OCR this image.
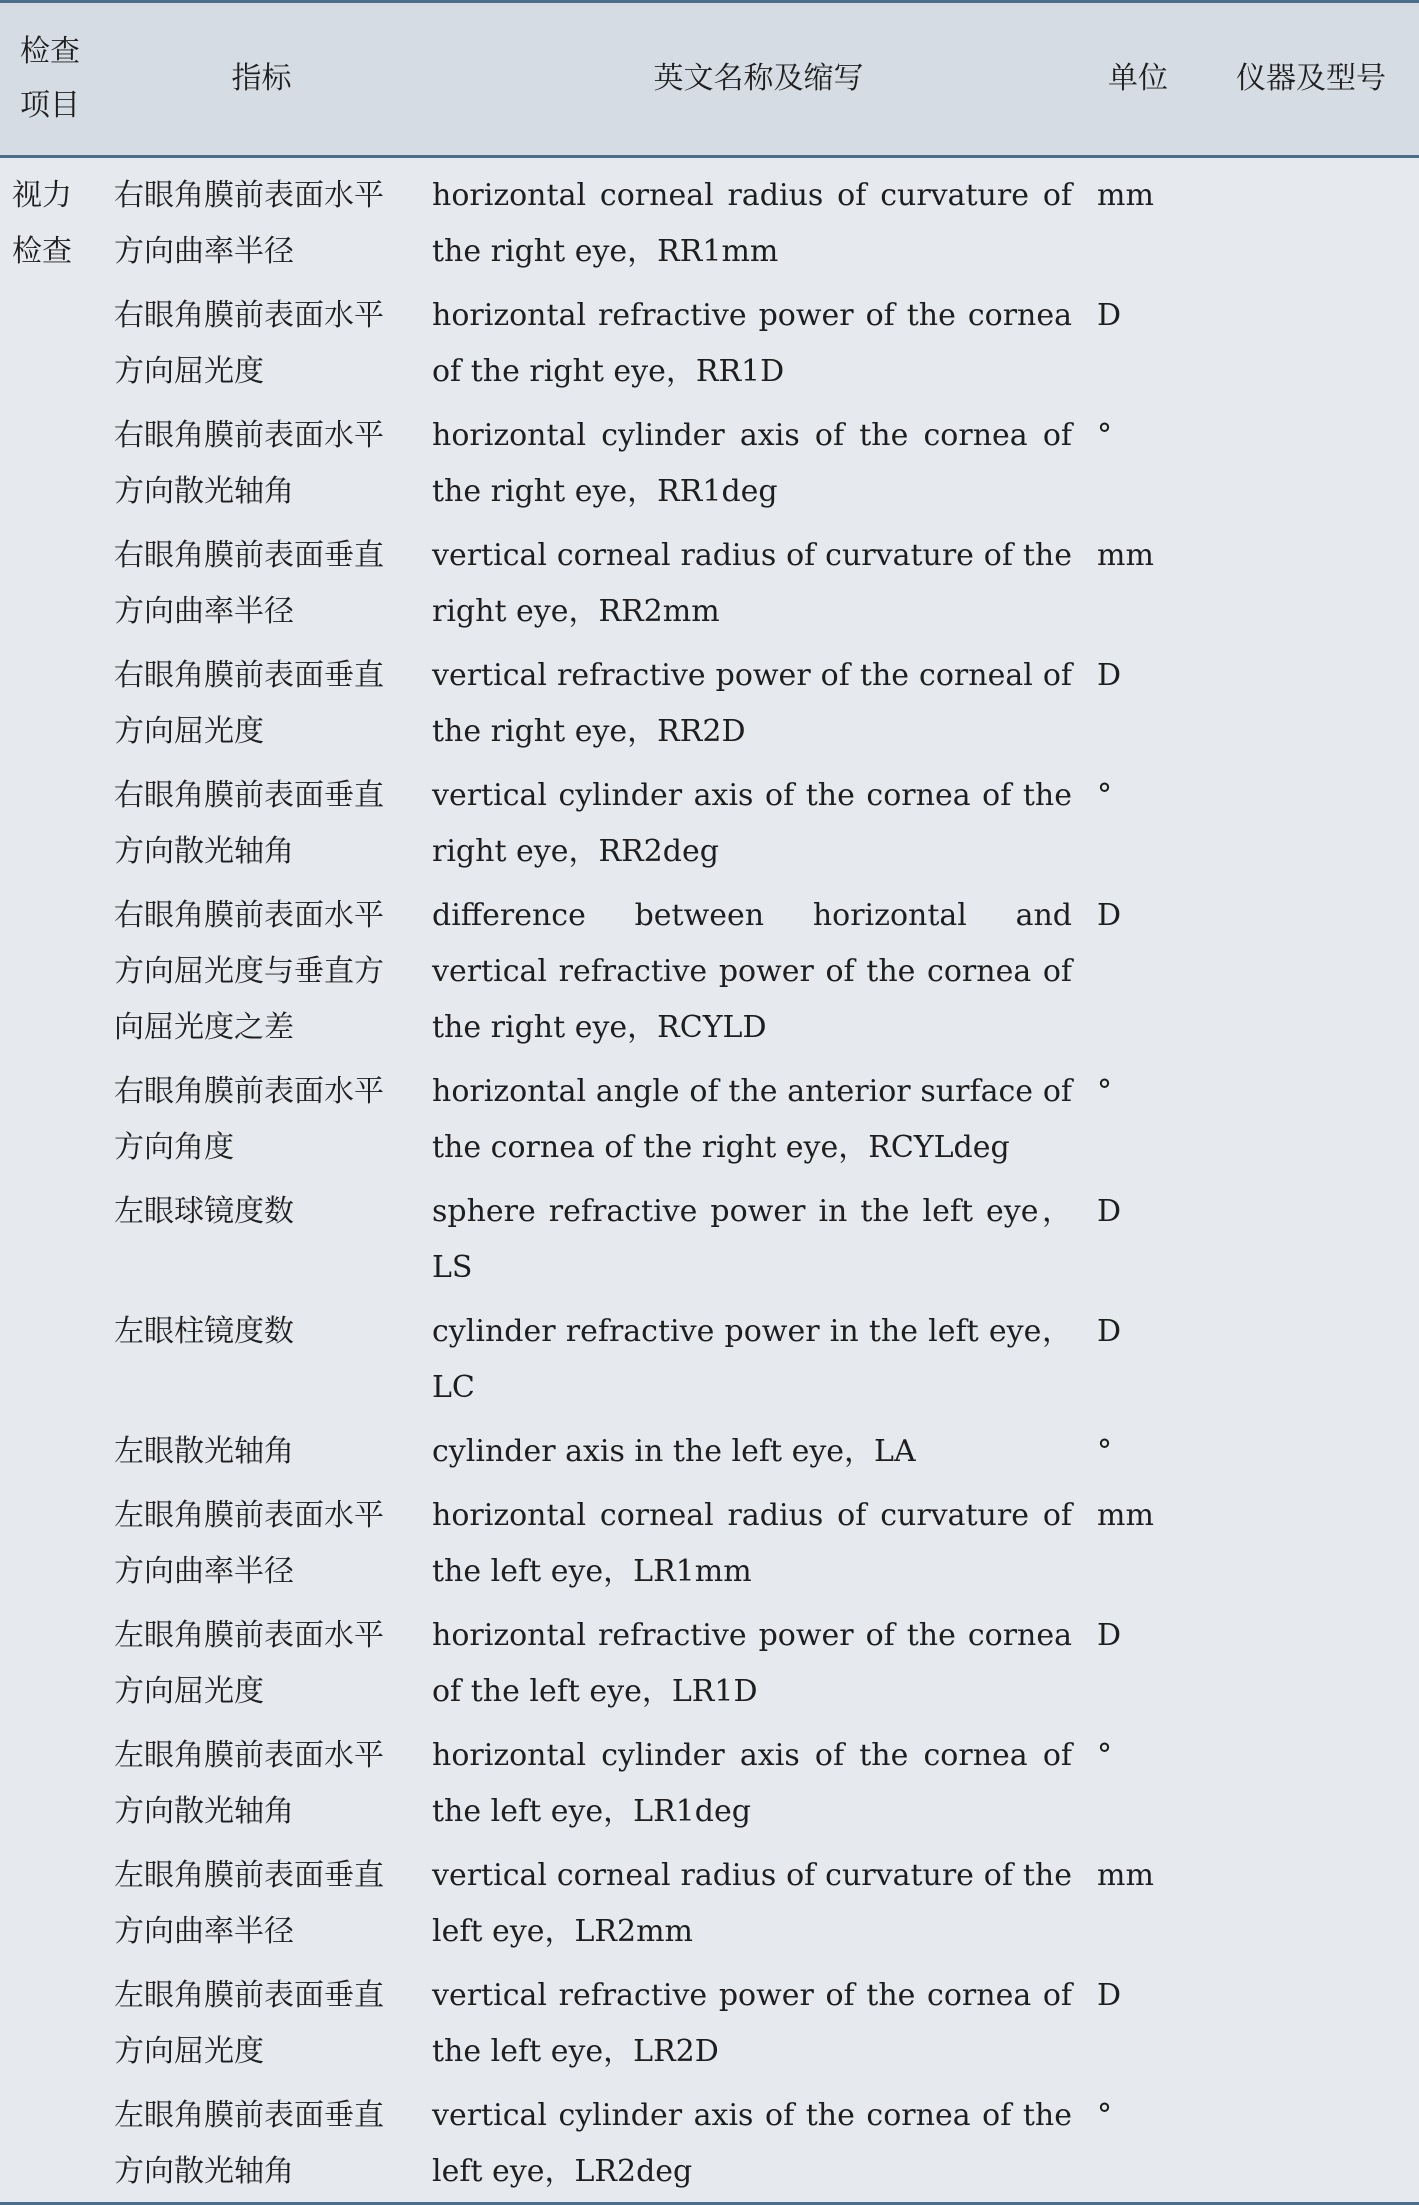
检查项目	指标	英文名称及缩写	单位	仪器及型号

视力检查	右眼角膜前表面水平方向曲率半径	horizontal corneal radius of curvature of the right eye，RR1mm	mm	
	右眼角膜前表面水平方向屈光度	horizontal refractive power of the cornea of the right eye，RR1D	D	
	右眼角膜前表面水平方向散光轴角	horizontal cylinder axis of the cornea of the right eye，RR1deg	°	
	右眼角膜前表面垂直方向曲率半径	vertical corneal radius of curvature of the right eye，RR2mm	mm	
	右眼角膜前表面垂直方向屈光度	vertical refractive power of the corneal of the right eye，RR2D	D	
	右眼角膜前表面垂直方向散光轴角	vertical cylinder axis of the cornea of the right eye，RR2deg	°	
	右眼角膜前表面水平方向屈光度与垂直方向屈光度之差	difference between horizontal and vertical refractive power of the cornea of the right eye，RCYLD	D	
	右眼角膜前表面水平方向角度	horizontal angle of the anterior surface of the cornea of the right eye，RCYLdeg	°	
	左眼球镜度数	sphere refractive power in the left eye，LS	D	
	左眼柱镜度数	cylinder refractive power in the left eye，LC	D	
	左眼散光轴角	cylinder axis in the left eye，LA	°	
	左眼角膜前表面水平方向曲率半径	horizontal corneal radius of curvature of the left eye，LR1mm	mm	
	左眼角膜前表面水平方向屈光度	horizontal refractive power of the cornea of the left eye，LR1D	D	
	左眼角膜前表面水平方向散光轴角	horizontal cylinder axis of the cornea of the left eye，LR1deg	°	
	左眼角膜前表面垂直方向曲率半径	vertical corneal radius of curvature of the left eye，LR2mm	mm	
	左眼角膜前表面垂直方向屈光度	vertical refractive power of the cornea of the left eye，LR2D	D	
	左眼角膜前表面垂直方向散光轴角	vertical cylinder axis of the cornea of the left eye，LR2deg	°	
